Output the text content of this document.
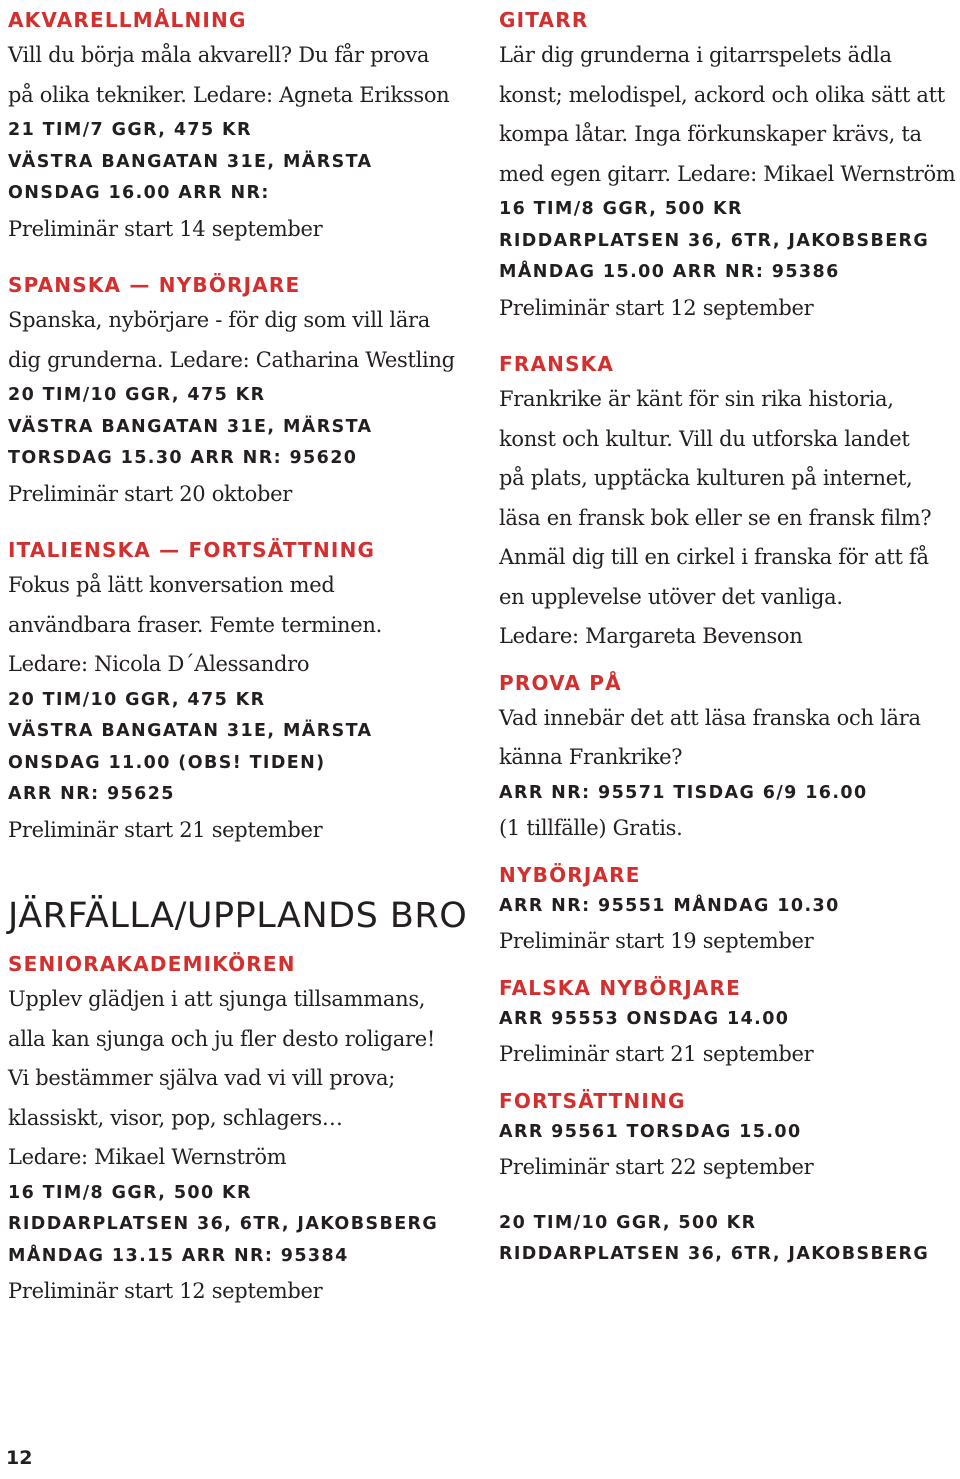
AKVARELLMÅLNING

Vill du börja måla akvarell? Du får prova

på olika tekniker. Ledare: Agneta Eriksson

21 TIM/7 GGR, 475 KR

VÄSTRA BANGATAN 31E, MÄRSTA

ONSDAG 16.00 ARR NR:

Preliminär start 14 september

SPANSKA — NYBÖRJARE

Spanska, nybörjare - för dig som vill lära

dig grunderna. Ledare: Catharina Westling

20 TIM/10 GGR, 475 KR

VÄSTRA BANGATAN 31E, MÄRSTA

TORSDAG 15.30 ARR NR: 95620

Preliminär start 20 oktober

ITALIENSKA — FORTSÄTTNING

Fokus på lätt konversation med

användbara fraser. Femte terminen.

Ledare: Nicola D´Alessandro

20 TIM/10 GGR, 475 KR

VÄSTRA BANGATAN 31E, MÄRSTA

ONSDAG 11.00 (OBS! TIDEN)

ARR NR: 95625

Preliminär start 21 september

JÄRFÄLLA/UPPLANDS BRO

SENIORAKADEMIKÖREN

Upplev glädjen i att sjunga tillsammans,

alla kan sjunga och ju fler desto roligare!

Vi bestämmer själva vad vi vill prova;

klassiskt, visor, pop, schlagers…

Ledare: Mikael Wernström

16 TIM/8 GGR, 500 KR

RIDDARPLATSEN 36, 6TR, JAKOBSBERG

MÅNDAG 13.15 ARR NR: 95384

Preliminär start 12 september

GITARR

Lär dig grunderna i gitarrspelets ädla

konst; melodispel, ackord och olika sätt att

kompa låtar. Inga förkunskaper krävs, ta

med egen gitarr. Ledare: Mikael Wernström

16 TIM/8 GGR, 500 KR

RIDDARPLATSEN 36, 6TR, JAKOBSBERG

MÅNDAG 15.00 ARR NR: 95386

Preliminär start 12 september

FRANSKA

Frankrike är känt för sin rika historia,

konst och kultur. Vill du utforska landet

på plats, upptäcka kulturen på internet,

läsa en fransk bok eller se en fransk film?

Anmäl dig till en cirkel i franska för att få

en upplevelse utöver det vanliga.

Ledare: Margareta Bevenson

PROVA PÅ

Vad innebär det att läsa franska och lära

känna Frankrike?

ARR NR: 95571 TISDAG 6/9 16.00

(1 tillfälle) Gratis.

NYBÖRJARE

ARR NR: 95551 MÅNDAG 10.30

Preliminär start 19 september

FALSKA NYBÖRJARE

ARR 95553 ONSDAG 14.00

Preliminär start 21 september

FORTSÄTTNING

ARR 95561 TORSDAG 15.00

Preliminär start 22 september

20 TIM/10 GGR, 500 KR

RIDDARPLATSEN 36, 6TR, JAKOBSBERG

12
